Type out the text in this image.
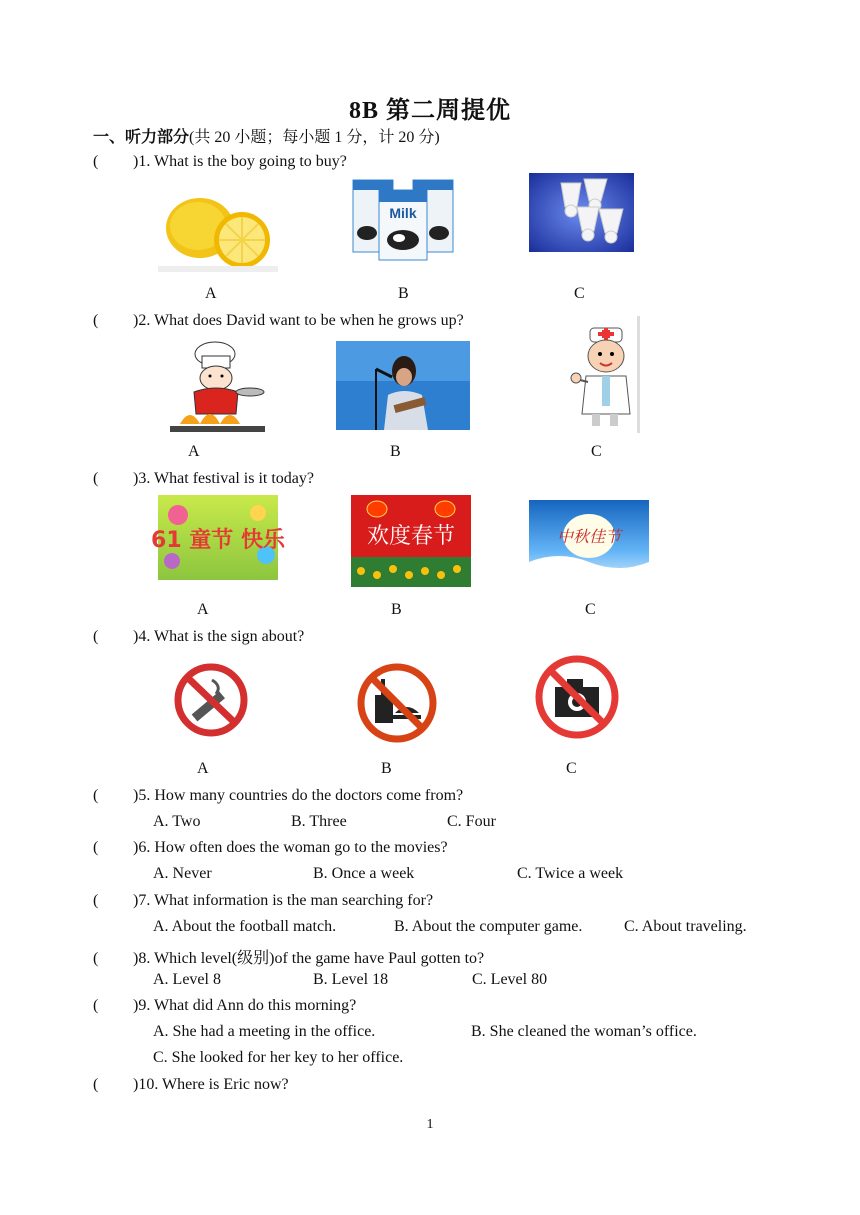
8B 第二周提优
一、听力部分(共 20 小题；每小题 1 分，计 20 分)
( )1. What is the boy going to buy?
Milk
A	B	C
( )2. What does David want to be when he grows up?
A	B	C
( )3. What festival is it today?
61 童节 快乐	欢度春节	中秋佳节
A	B	C
( )4. What is the sign about?
A	B	C
( )5. How many countries do the doctors come from?
A. Two	B. Three	C. Four
( )6. How often does the woman go to the movies?
A. Never	B. Once a week	C. Twice a week
( )7. What information is the man searching for?
A. About the football match.	B. About the computer game.	C. About traveling.
( )8. Which level(级别)of the game have Paul gotten to?
A. Level 8	B. Level 18	C. Level 80
( )9. What did Ann do this morning?
A. She had a meeting in the office.	B. She cleaned the woman’s office.
C. She looked for her key to her office.
( )10. Where is Eric now?
1
